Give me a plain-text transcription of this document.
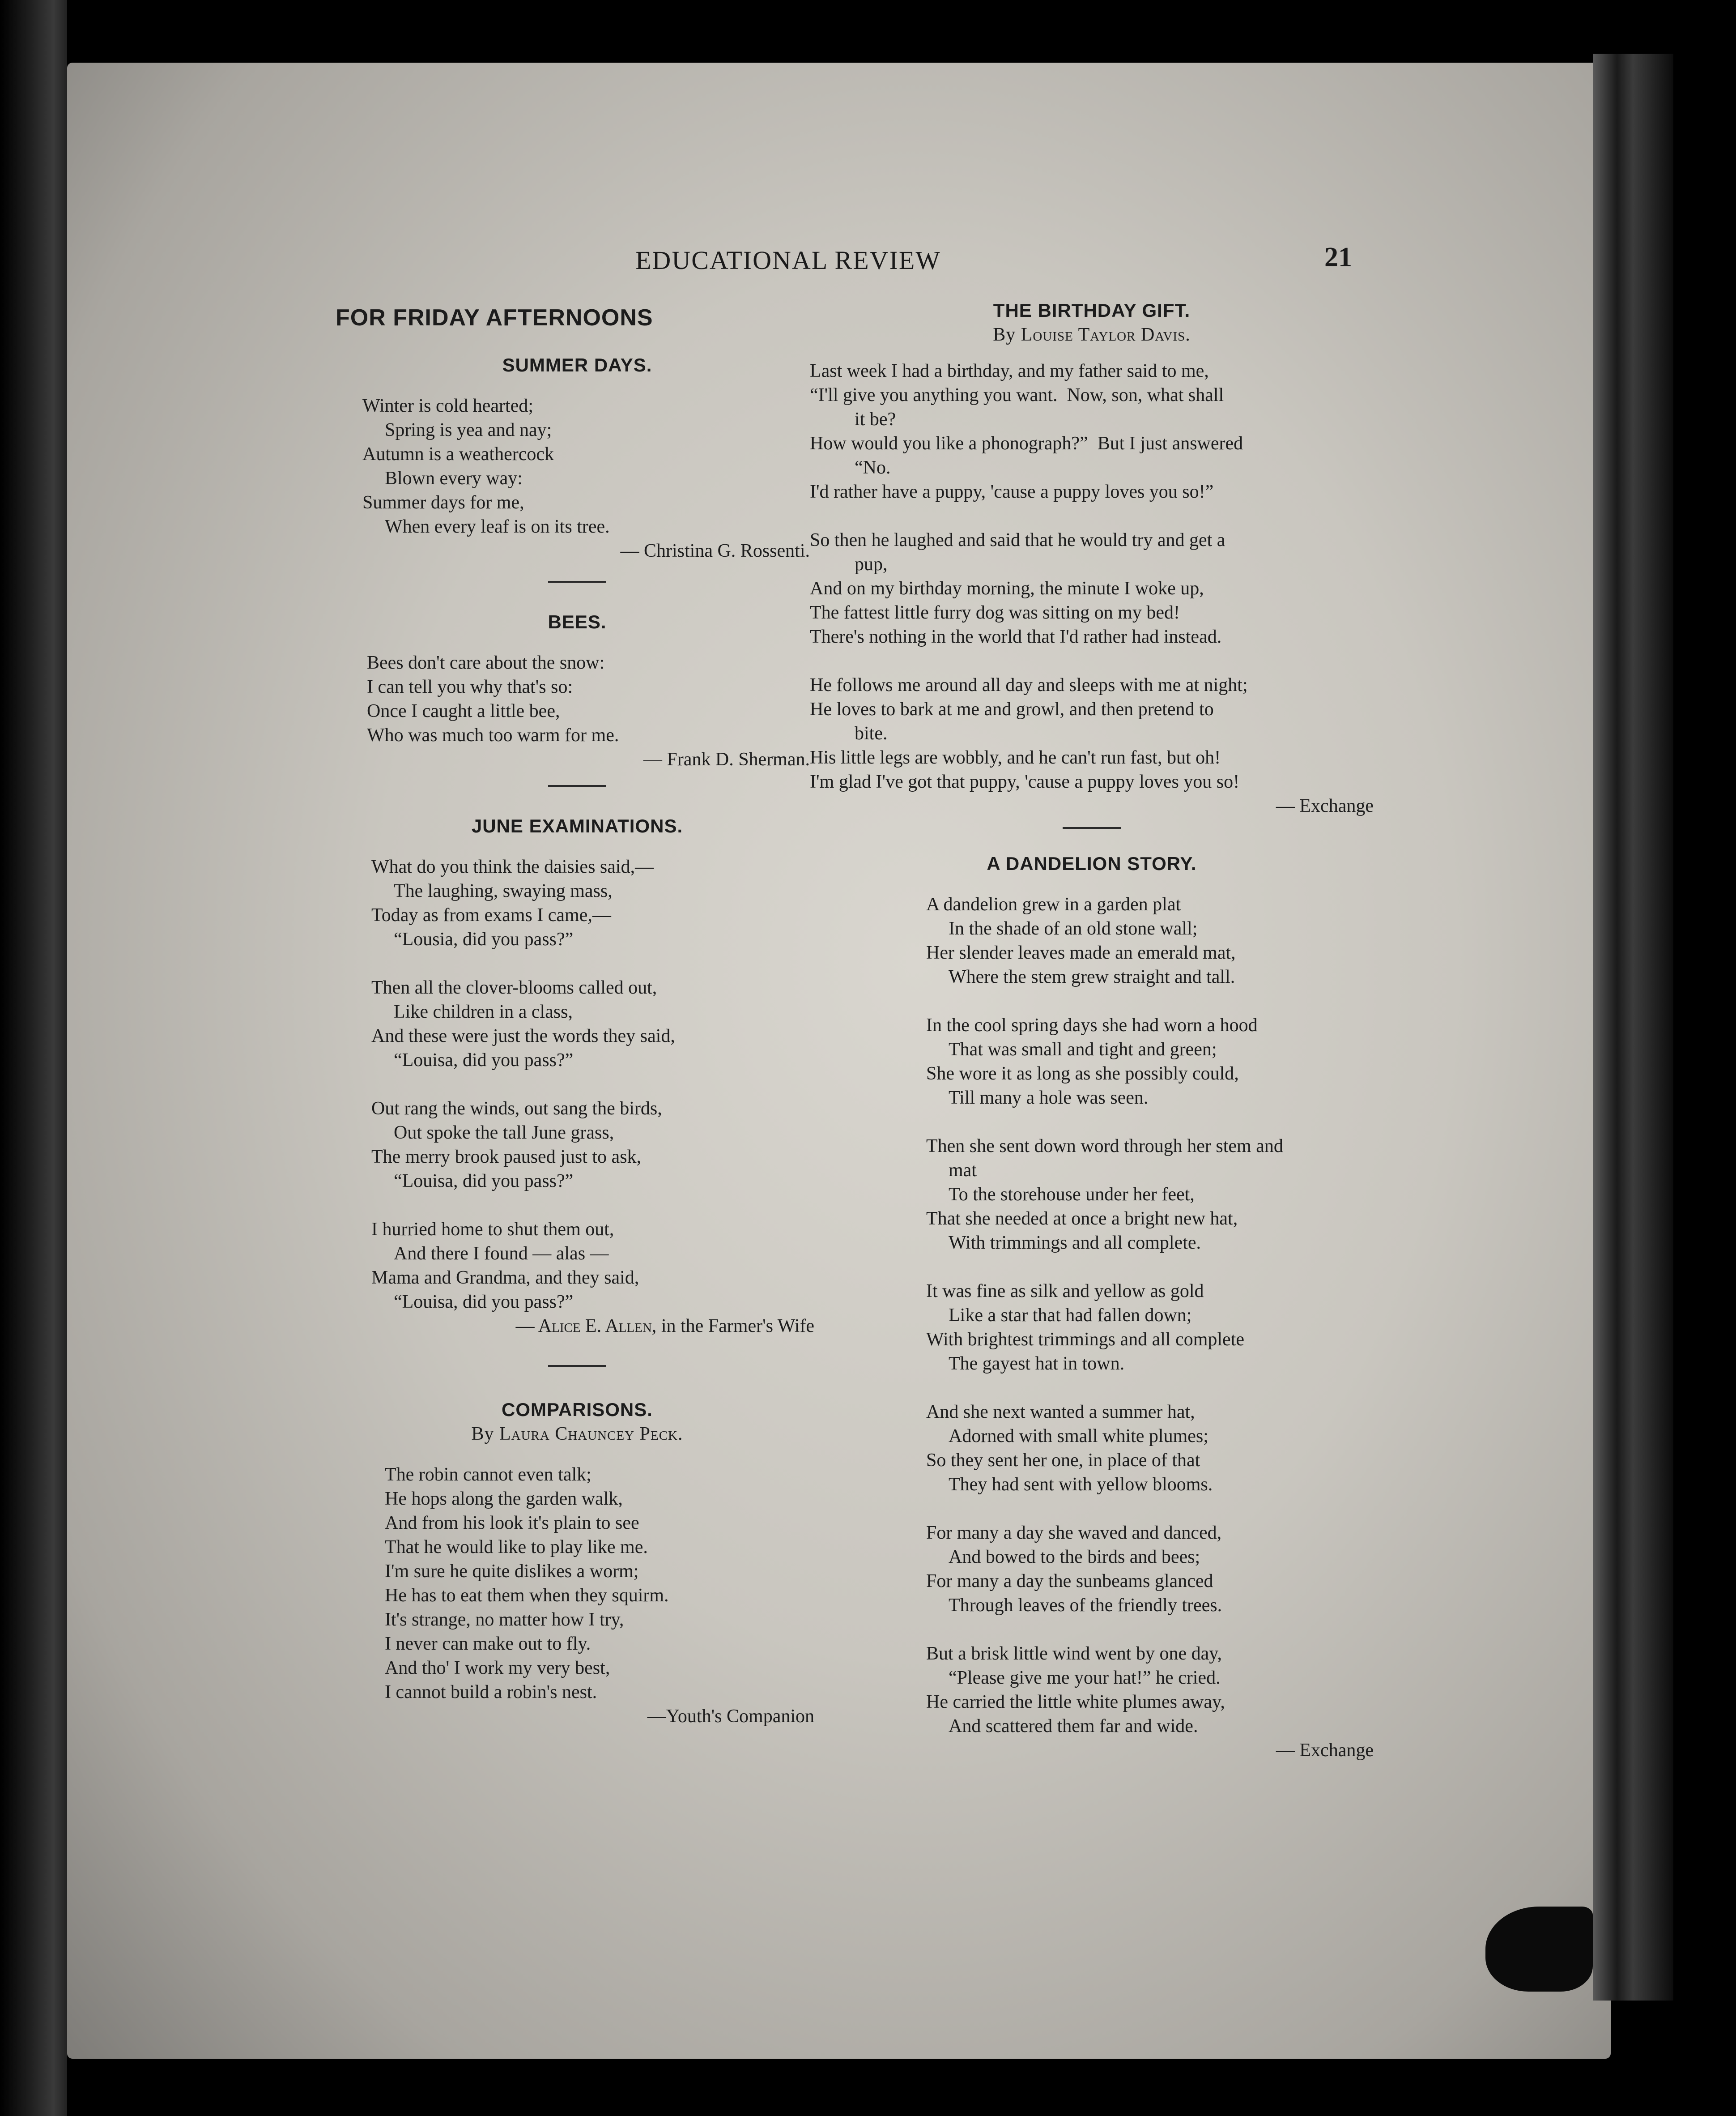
EDUCATIONAL REVIEW	21
FOR FRIDAY AFTERNOONS
SUMMER DAYS.

Winter is cold hearted;

Spring is yea and nay;

Autumn is a weathercock

Blown every way:

Summer days for me,

When every leaf is on its tree.

— Christina G. Rossenti.

BEES.

Bees don't care about the snow:

I can tell you why that's so:

Once I caught a little bee,

Who was much too warm for me.

— Frank D. Sherman.

JUNE EXAMINATIONS.

What do you think the daisies said,—

The laughing, swaying mass,

Today as from exams I came,—

“Lousia, did you pass?”

Then all the clover-blooms called out,

Like children in a class,

And these were just the words they said,

“Louisa, did you pass?”

Out rang the winds, out sang the birds,

Out spoke the tall June grass,

The merry brook paused just to ask,

“Louisa, did you pass?”

I hurried home to shut them out,

And there I found — alas —

Mama and Grandma, and they said,

“Louisa, did you pass?”

— Alice E. Allen, in the Farmer's Wife

COMPARISONS.

By Laura Chauncey Peck.

The robin cannot even talk;

He hops along the garden walk,

And from his look it's plain to see

That he would like to play like me.

I'm sure he quite dislikes a worm;

He has to eat them when they squirm.

It's strange, no matter how I try,

I never can make out to fly.

And tho' I work my very best,

I cannot build a robin's nest.

—Youth's Companion

THE BIRTHDAY GIFT.

By Louise Taylor Davis.

Last week I had a birthday, and my father said to me,

“I'll give you anything you want.  Now, son, what shall

it be?

How would you like a phonograph?”  But I just answered

“No.

I'd rather have a puppy, 'cause a puppy loves you so!”

So then he laughed and said that he would try and get a

pup,

And on my birthday morning, the minute I woke up,

The fattest little furry dog was sitting on my bed!

There's nothing in the world that I'd rather had instead.

He follows me around all day and sleeps with me at night;

He loves to bark at me and growl, and then pretend to

bite.

His little legs are wobbly, and he can't run fast, but oh!

I'm glad I've got that puppy, 'cause a puppy loves you so!

— Exchange

A DANDELION STORY.

A dandelion grew in a garden plat

In the shade of an old stone wall;

Her slender leaves made an emerald mat,

Where the stem grew straight and tall.

In the cool spring days she had worn a hood

That was small and tight and green;

She wore it as long as she possibly could,

Till many a hole was seen.

Then she sent down word through her stem and

mat

To the storehouse under her feet,

That she needed at once a bright new hat,

With trimmings and all complete.

It was fine as silk and yellow as gold

Like a star that had fallen down;

With brightest trimmings and all complete

The gayest hat in town.

And she next wanted a summer hat,

Adorned with small white plumes;

So they sent her one, in place of that

They had sent with yellow blooms.

For many a day she waved and danced,

And bowed to the birds and bees;

For many a day the sunbeams glanced

Through leaves of the friendly trees.

But a brisk little wind went by one day,

“Please give me your hat!” he cried.

He carried the little white plumes away,

And scattered them far and wide.

— Exchange
